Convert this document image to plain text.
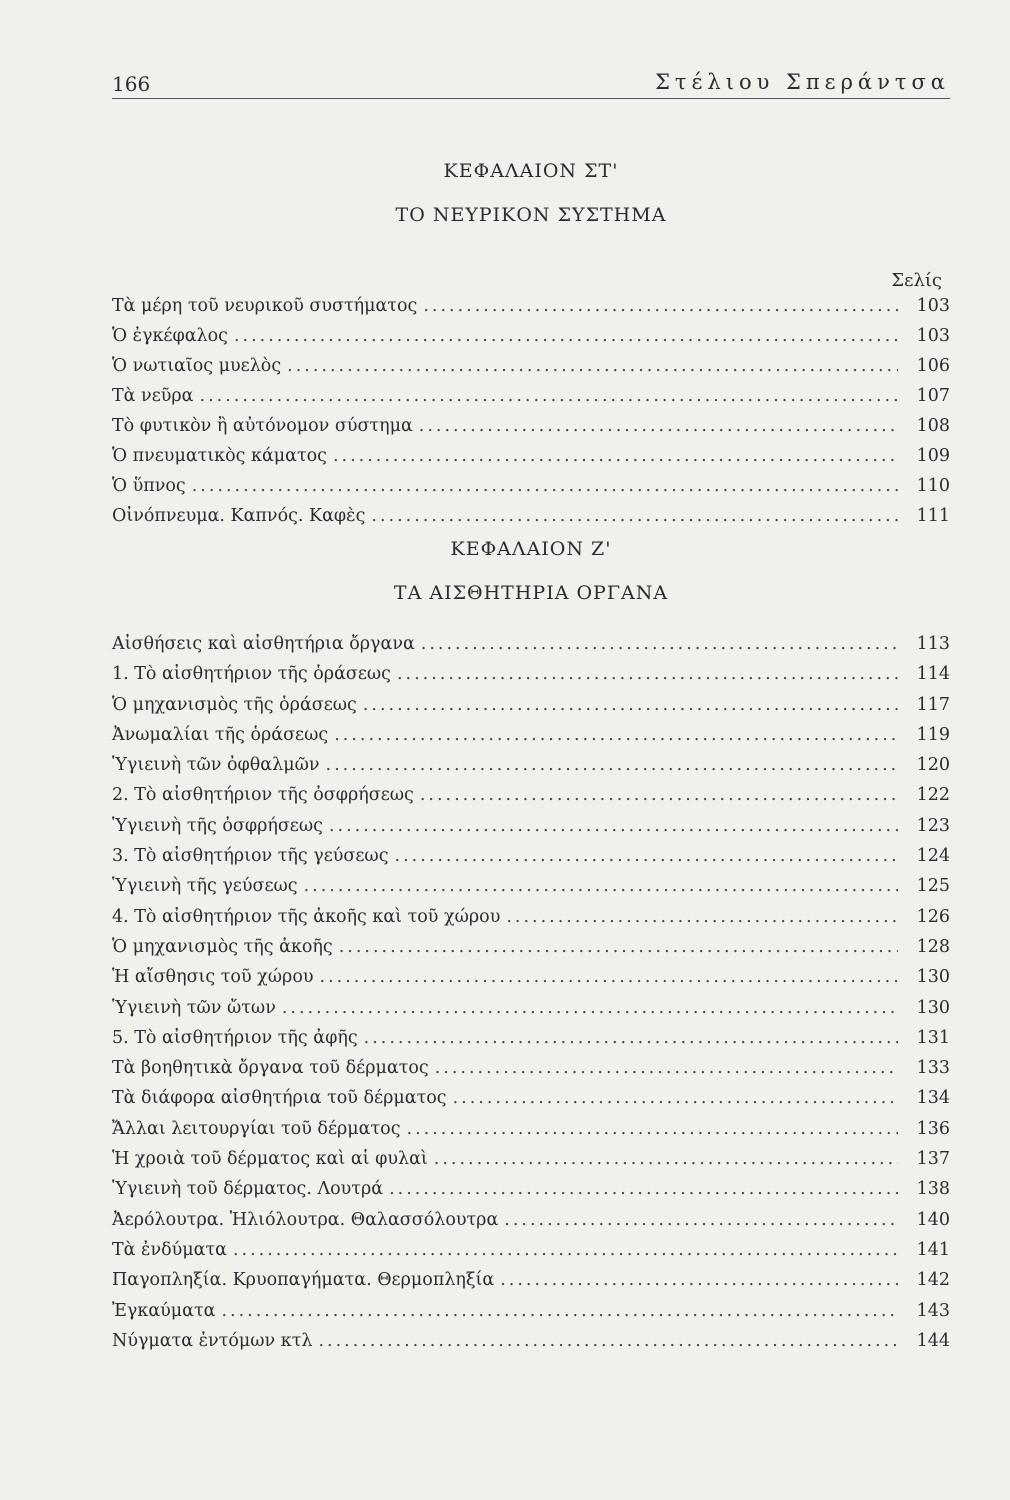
166	Στέλιου Σπεράντσα
ΚΕΦΑΛΑΙΟΝ ΣΤ'
ΤΟ ΝΕΥΡΙΚΟΝ ΣΥΣΤΗΜΑ
Σελίς
Τὰ μέρη τοῦ νευρικοῦ συστήματος .....	103
Ὁ ἐγκέφαλος .....	103
Ὁ νωτιαῖος μυελὸς .....	106
Τὰ νεῦρα .....	107
Τὸ φυτικὸν ἢ αὐτόνομον σύστημα .....	108
Ὁ πνευματικὸς κάματος .....	109
Ὁ ὕπνος .....	110
Οἰνόπνευμα. Καπνός. Καφὲς .....	111
ΚΕΦΑΛΑΙΟΝ Ζ'
ΤΑ ΑΙΣΘΗΤΗΡΙΑ ΟΡΓΑΝΑ
Αἰσθήσεις καὶ αἰσθητήρια ὄργανα .....	113
1. Τὸ αἰσθητήριον τῆς ὁράσεως .....	114
Ὁ μηχανισμὸς τῆς ὁράσεως .....	117
Ἀνωμαλίαι τῆς ὁράσεως .....	119
Ὑγιεινὴ τῶν ὀφθαλμῶν .....	120
2. Τὸ αἰσθητήριον τῆς ὀσφρήσεως .....	122
Ὑγιεινὴ τῆς ὀσφρήσεως .....	123
3. Τὸ αἰσθητήριον τῆς γεύσεως .....	124
Ὑγιεινὴ τῆς γεύσεως .....	125
4. Τὸ αἰσθητήριον τῆς ἀκοῆς καὶ τοῦ χώρου .....	126
Ὁ μηχανισμὸς τῆς ἀκοῆς .....	128
Ἡ αἴσθησις τοῦ χώρου .....	130
Ὑγιεινὴ τῶν ὤτων .....	130
5. Τὸ αἰσθητήριον τῆς ἀφῆς .....	131
Τὰ βοηθητικὰ ὄργανα τοῦ δέρματος .....	133
Τὰ διάφορα αἰσθητήρια τοῦ δέρματος .....	134
Ἄλλαι λειτουργίαι τοῦ δέρματος .....	136
Ἡ χροιὰ τοῦ δέρματος καὶ αἱ φυλαὶ .....	137
Ὑγιεινὴ τοῦ δέρματος. Λουτρά .....	138
Ἀερόλουτρα. Ἡλιόλουτρα. Θαλασσόλουτρα .....	140
Τὰ ἐνδύματα .....	141
Παγοπληξία. Κρυοπαγήματα. Θερμοπληξία .....	142
Ἐγκαύματα .....	143
Νύγματα ἐντόμων κτλ .....	144
